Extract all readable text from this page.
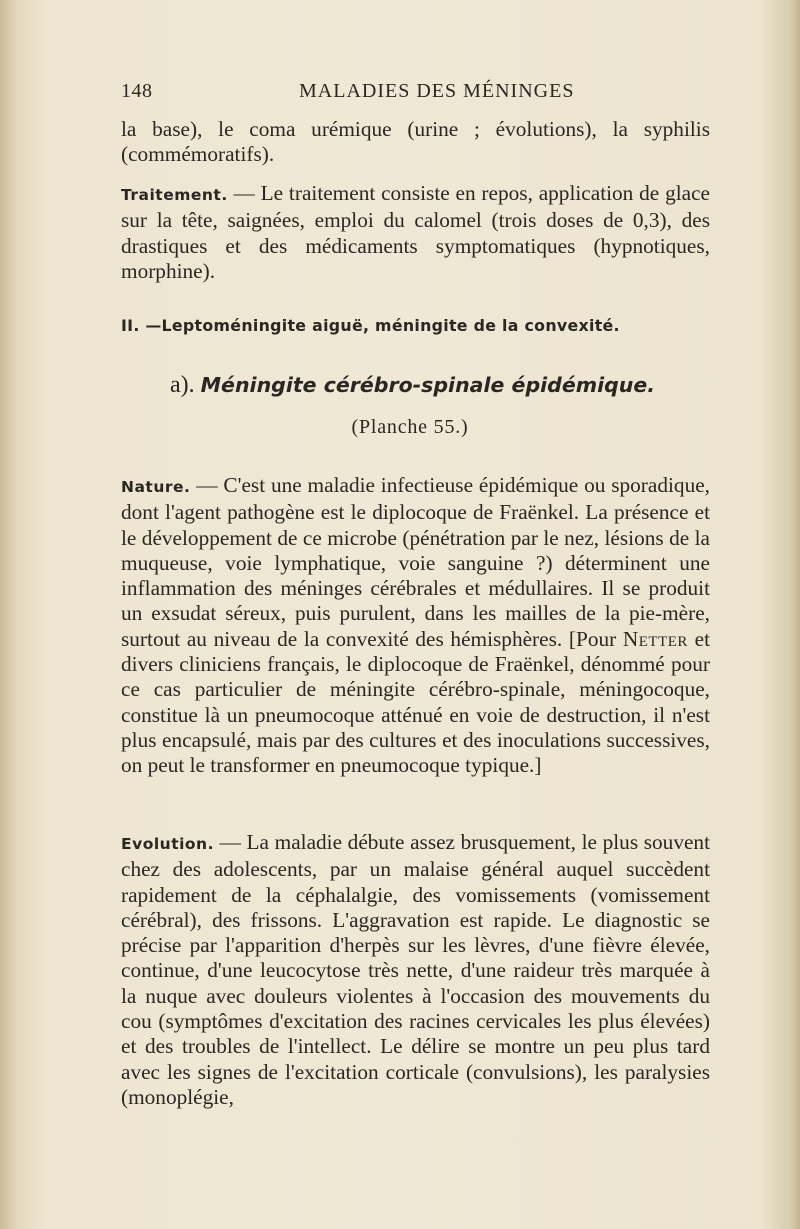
148	MALADIES DES MÉNINGES

la base), le coma urémique (urine ; évolutions), la syphilis (commémoratifs).

Traitement. — Le traitement consiste en repos, application de glace sur la tête, saignées, emploi du calomel (trois doses de 0,3), des drastiques et des médicaments symptomatiques (hypnotiques, morphine).

II. —Leptoméningite aiguë, méningite de la convexité.
a). Méningite cérébro-spinale épidémique.
(Planche 55.)

Nature. — C'est une maladie infectieuse épidémique ou sporadique, dont l'agent pathogène est le diplocoque de Fraënkel. La présence et le développement de ce microbe (pénétration par le nez, lésions de la muqueuse, voie lymphatique, voie sanguine ?) déterminent une inflammation des méninges cérébrales et médullaires. Il se produit un exsudat séreux, puis purulent, dans les mailles de la pie-mère, surtout au niveau de la convexité des hémisphères. [Pour Netter et divers cliniciens français, le diplocoque de Fraënkel, dénommé pour ce cas particulier de méningite cérébro-spinale, méningocoque, constitue là un pneumocoque atténué en voie de destruction, il n'est plus encapsulé, mais par des cultures et des inoculations successives, on peut le transformer en pneumocoque typique.]

Evolution. — La maladie débute assez brusquement, le plus souvent chez des adolescents, par un malaise général auquel succèdent rapidement de la céphalalgie, des vomissements (vomissement cérébral), des frissons. L'aggravation est rapide. Le diagnostic se précise par l'apparition d'herpès sur les lèvres, d'une fièvre élevée, continue, d'une leucocytose très nette, d'une raideur très marquée à la nuque avec douleurs violentes à l'occasion des mouvements du cou (symptômes d'excitation des racines cervicales les plus élevées) et des troubles de l'intellect. Le délire se montre un peu plus tard avec les signes de l'excitation corticale (convulsions), les paralysies (monoplégie,
